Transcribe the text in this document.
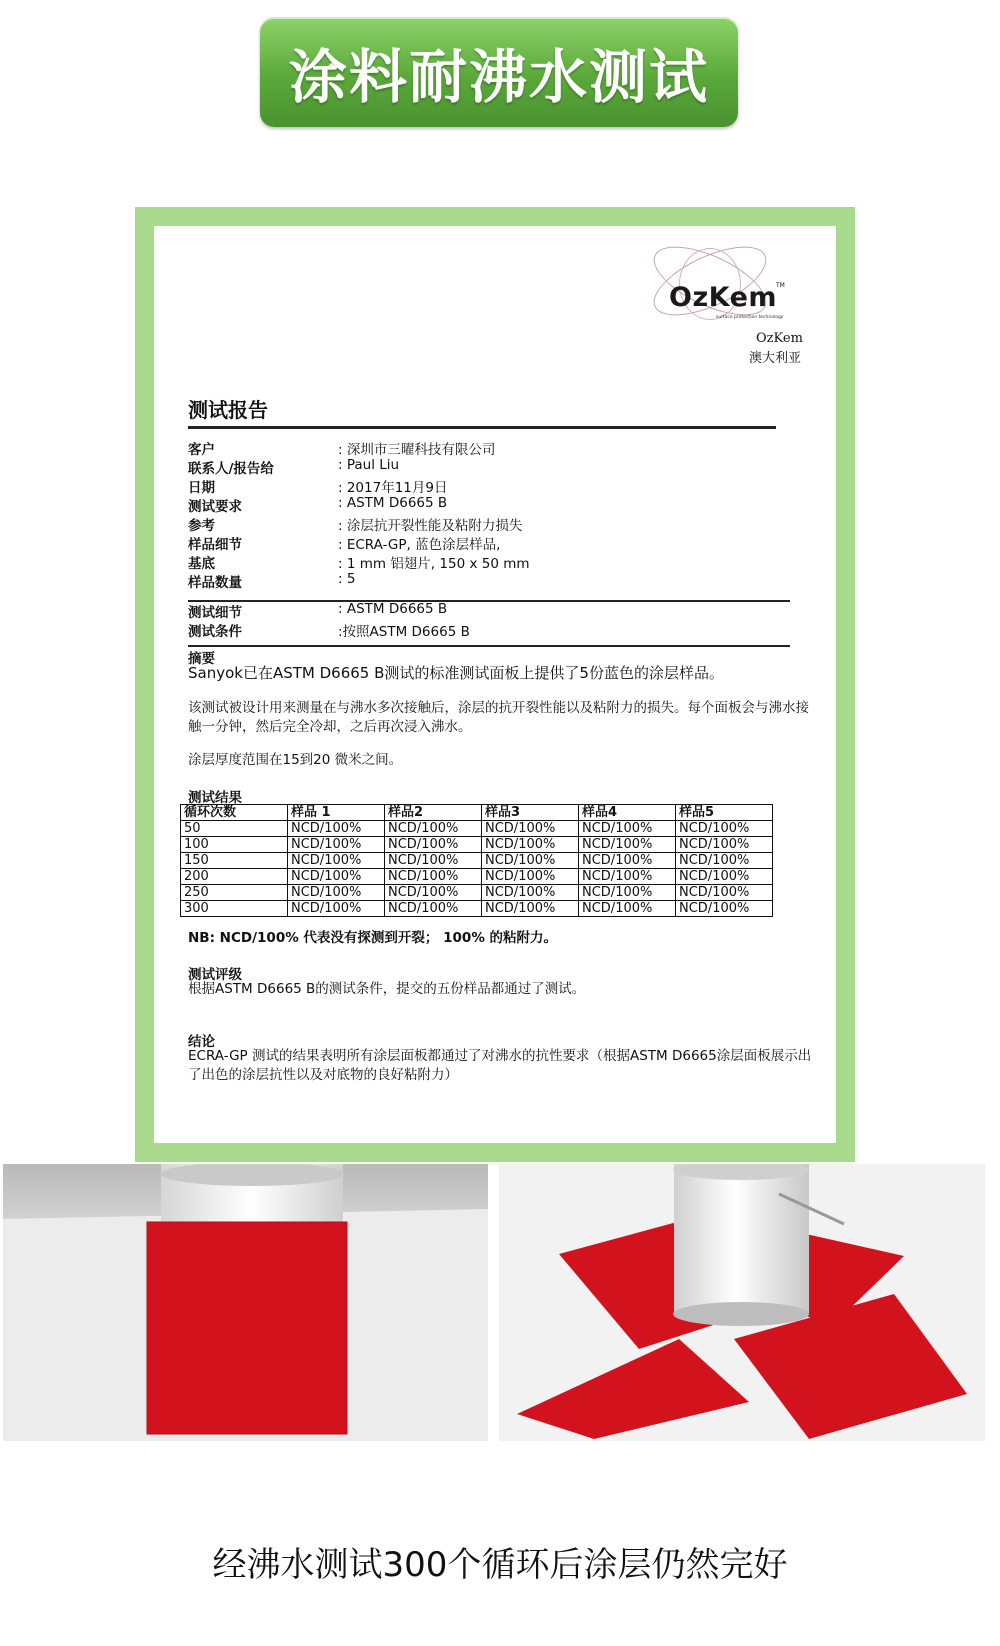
涂料耐沸水测试
OzKem
TM
surface protection technology
OzKem
澳大利亚
测试报告
客户	: 深圳市三曜科技有限公司
联系人/报告给	: Paul Liu
日期	: 2017年11月9日
测试要求	: ASTM D6665 B
参考	: 涂层抗开裂性能及粘附力损失
样品细节	: ECRA-GP, 蓝色涂层样品,
基底	: 1 mm 铝翅片, 150 x 50 mm
样品数量	: 5
测试细节	: ASTM D6665 B
测试条件	:按照ASTM D6665 B
摘要
Sanyok已在ASTM D6665 B测试的标准测试面板上提供了5份蓝色的涂层样品。
该测试被设计用来测量在与沸水多次接触后，涂层的抗开裂性能以及粘附力的损失。每个面板会与沸水接触一分钟，然后完全冷却，之后再次浸入沸水。
涂层厚度范围在15到20 微米之间。
测试结果
循环次数	样品 1	样品2	样品3	样品4	样品5
50	NCD/100%	NCD/100%	NCD/100%	NCD/100%	NCD/100%
100	NCD/100%	NCD/100%	NCD/100%	NCD/100%	NCD/100%
150	NCD/100%	NCD/100%	NCD/100%	NCD/100%	NCD/100%
200	NCD/100%	NCD/100%	NCD/100%	NCD/100%	NCD/100%
250	NCD/100%	NCD/100%	NCD/100%	NCD/100%	NCD/100%
300	NCD/100%	NCD/100%	NCD/100%	NCD/100%	NCD/100%
NB: NCD/100% 代表没有探测到开裂； 100% 的粘附力。
测试评级
根据ASTM D6665 B的测试条件，提交的五份样品都通过了测试。
结论
ECRA-GP 测试的结果表明所有涂层面板都通过了对沸水的抗性要求（根据ASTM D6665涂层面板展示出了出色的涂层抗性以及对底物的良好粘附力）
经沸水测试300个循环后涂层仍然完好
